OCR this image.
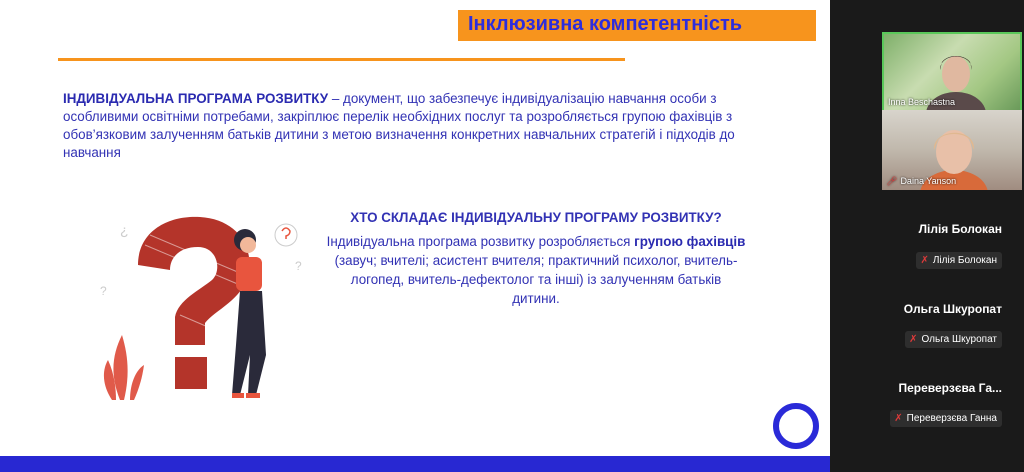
Інклюзивна компетентність

ІНДИВІДУАЛЬНА ПРОГРАМА РОЗВИТКУ – документ, що забезпечує індивідуалізацію навчання особи з особливими освітніми потребами, закріплює перелік необхідних послуг та розробляється групою фахівців з обов’язковим залученням батьків дитини з метою визначення конкретних навчальних стратегій і підходів до навчання

ХТО СКЛАДАЄ ІНДИВІДУАЛЬНУ ПРОГРАМУ РОЗВИТКУ?

Індивідуальна програма розвитку розробляється групою фахівців (завуч; вчителі; асистент вчителя; практичний психолог, вчитель-логопед, вчитель-дефектолог та інші) із залученням батьків дитини.

¿
?
?
Inna Beschastna
🎤︎ Daina Yanson
Лілія Болокан
✗ Лілія Болокан
Ольга Шкуропат
✗ Ольга Шкуропат
Переверзєва Га...
✗ Переверзєва Ганна
